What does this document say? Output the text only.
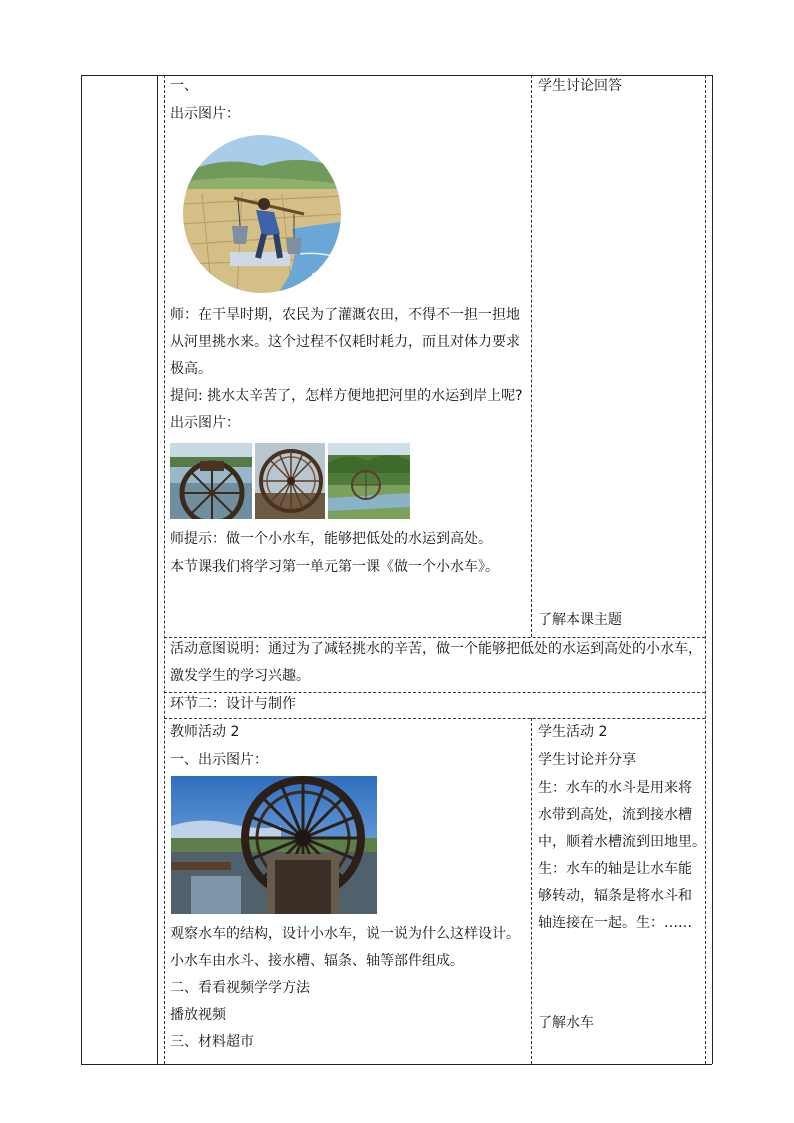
一、
出示图片：
师：在干旱时期，农民为了灌溉农田，不得不一担一担地
从河里挑水来。这个过程不仅耗时耗力，而且对体力要求
极高。
提问: 挑水太辛苦了，怎样方便地把河里的水运到岸上呢?
出示图片：
师提示：做一个小水车，能够把低处的水运到高处。
本节课我们将学习第一单元第一课《做一个小水车》。
学生讨论回答
了解本课主题
活动意图说明：通过为了减轻挑水的辛苦，做一个能够把低处的水运到高处的小水车，
激发学生的学习兴趣。
环节二：设计与制作
教师活动 2
一、出示图片：
观察水车的结构，设计小水车，说一说为什么这样设计。
小水车由水斗、接水槽、辐条、轴等部件组成。
二、看看视频学学方法
播放视频
三、材料超市
学生活动 2
学生讨论并分享
生：水车的水斗是用来将
水带到高处，流到接水槽
中，顺着水槽流到田地里。
生：水车的轴是让水车能
够转动，辐条是将水斗和
轴连接在一起。生：……
了解水车
